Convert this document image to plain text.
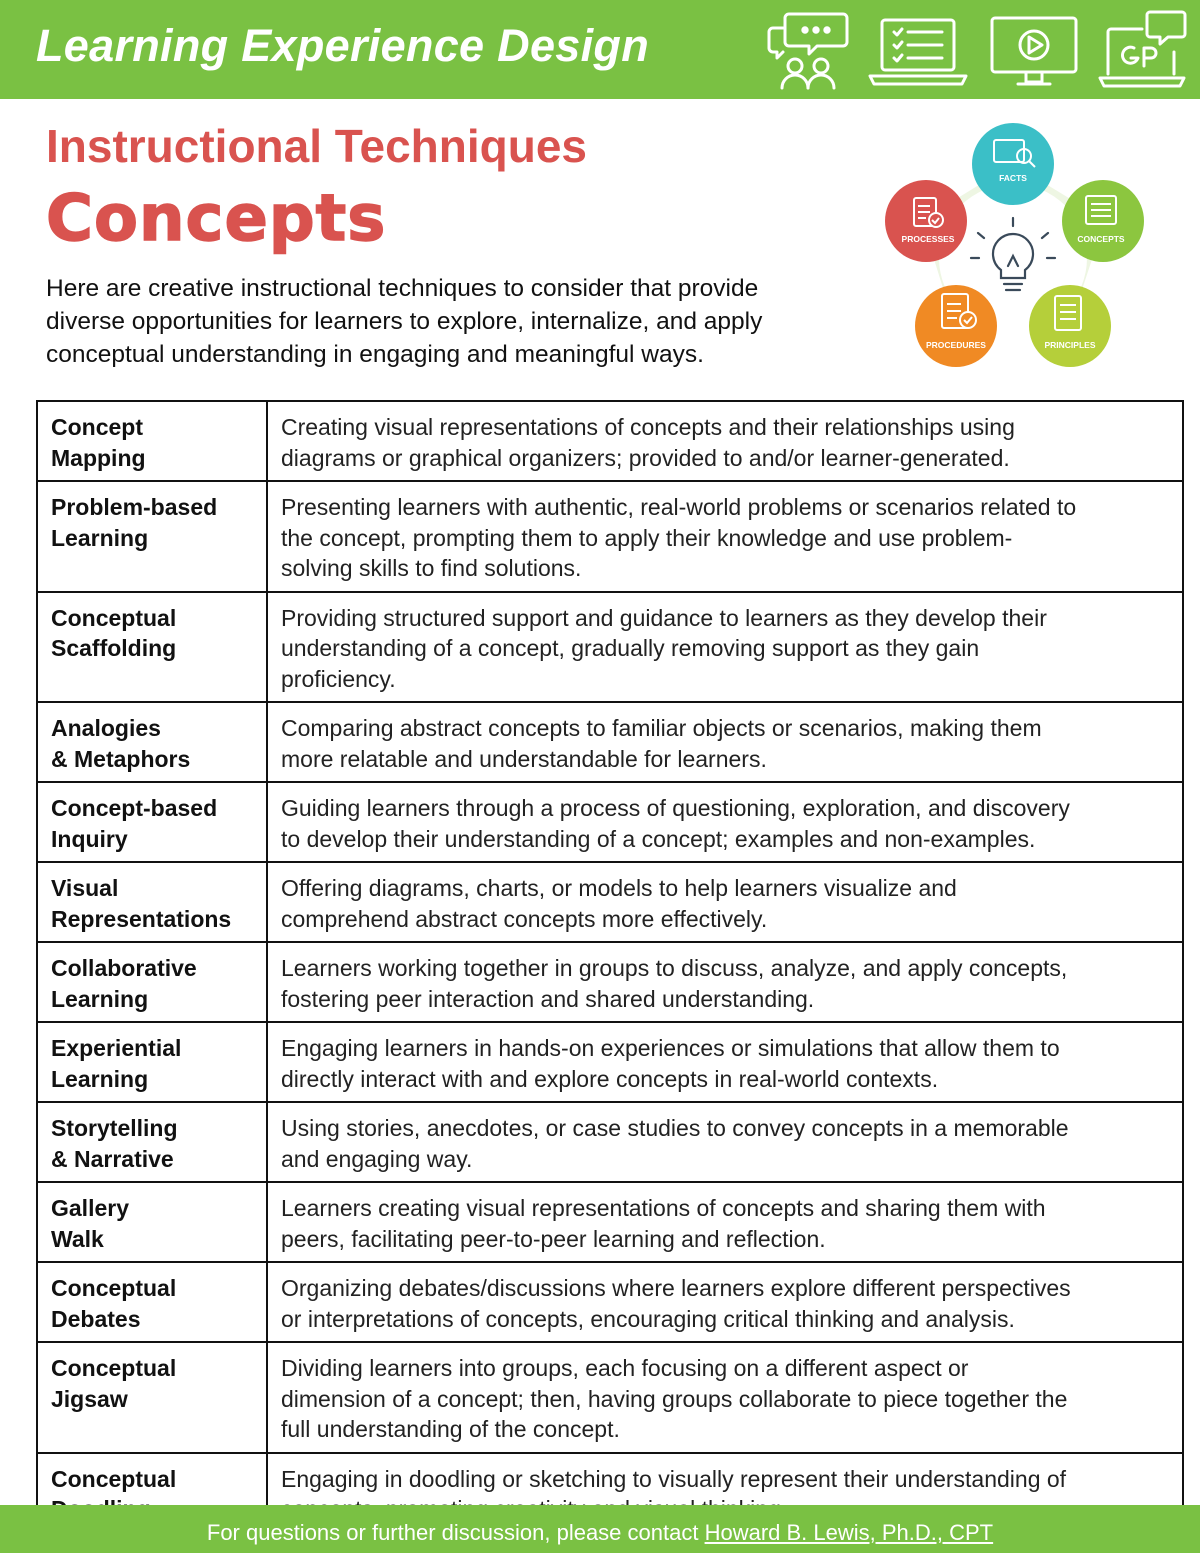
Learning Experience Design
Instructional Techniques
Concepts
Here are creative instructional techniques to consider that provide
diverse opportunities for learners to explore, internalize, and apply
conceptual understanding in engaging and meaningful ways.
FACTS
CONCEPTS
PRINCIPLES
PROCEDURES
PROCESSES
Concept
Mapping	Creating visual representations of concepts and their relationships using
diagrams or graphical organizers; provided to and/or learner-generated.

Problem-based
Learning	Presenting learners with authentic, real-world problems or scenarios related to
the concept, prompting them to apply their knowledge and use problem-
solving skills to find solutions.

Conceptual
Scaffolding	Providing structured support and guidance to learners as they develop their
understanding of a concept, gradually removing support as they gain
proficiency.

Analogies
& Metaphors	Comparing abstract concepts to familiar objects or scenarios, making them
more relatable and understandable for learners.

Concept-based
Inquiry	Guiding learners through a process of questioning, exploration, and discovery
to develop their understanding of a concept; examples and non-examples.

Visual
Representations	Offering diagrams, charts, or models to help learners visualize and
comprehend abstract concepts more effectively.

Collaborative
Learning	Learners working together in groups to discuss, analyze, and apply concepts,
fostering peer interaction and shared understanding.

Experiential
Learning	Engaging learners in hands-on experiences or simulations that allow them to
directly interact with and explore concepts in real-world contexts.

Storytelling
& Narrative	Using stories, anecdotes, or case studies to convey concepts in a memorable
and engaging way.

Gallery
Walk	Learners creating visual representations of concepts and sharing them with
peers, facilitating peer-to-peer learning and reflection.

Conceptual
Debates	Organizing debates/discussions where learners explore different perspectives
or interpretations of concepts, encouraging critical thinking and analysis.

Conceptual
Jigsaw	Dividing learners into groups, each focusing on a different aspect or
dimension of a concept; then, having groups collaborate to piece together the
full understanding of the concept.

Conceptual	Engaging in doodling or sketching to visually represent their understanding of
For questions or further discussion, please contact Howard B. Lewis, Ph.D., CPT
